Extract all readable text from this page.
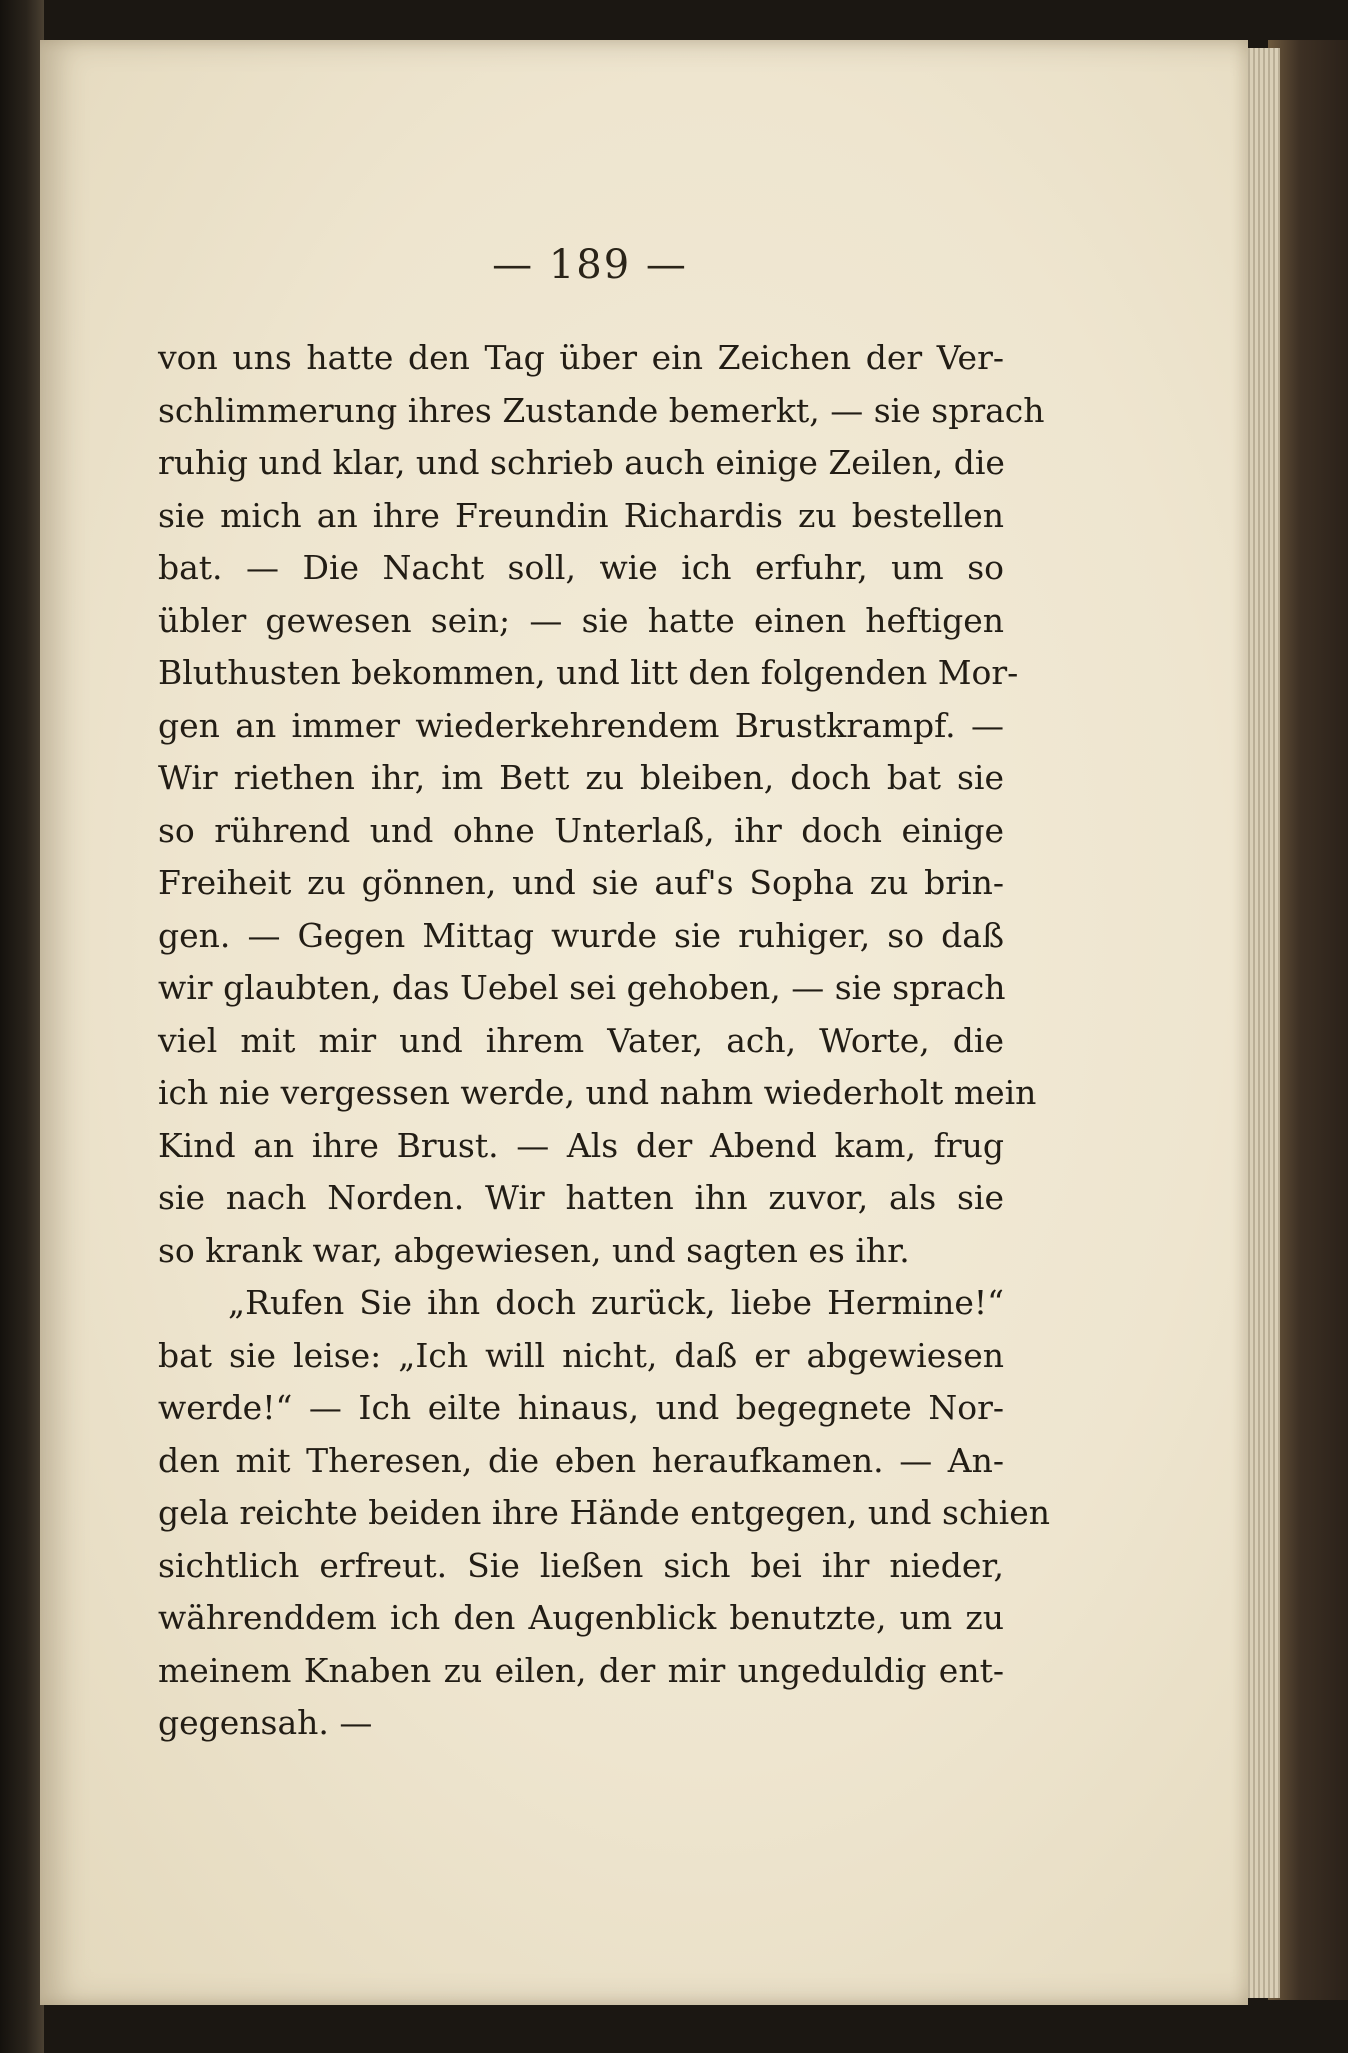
— 189 —
von uns hatte den Tag über ein Zeichen der Ver-
schlimmerung ihres Zustande bemerkt, — sie sprach
ruhig und klar, und schrieb auch einige Zeilen, die
sie mich an ihre Freundin Richardis zu bestellen
bat. — Die Nacht soll, wie ich erfuhr, um so
übler gewesen sein; — sie hatte einen heftigen
Bluthusten bekommen, und litt den folgenden Mor-
gen an immer wiederkehrendem Brustkrampf. —
Wir riethen ihr, im Bett zu bleiben, doch bat sie
so rührend und ohne Unterlaß, ihr doch einige
Freiheit zu gönnen, und sie auf's Sopha zu brin-
gen. — Gegen Mittag wurde sie ruhiger, so daß
wir glaubten, das Uebel sei gehoben, — sie sprach
viel mit mir und ihrem Vater, ach, Worte, die
ich nie vergessen werde, und nahm wiederholt mein
Kind an ihre Brust. — Als der Abend kam, frug
sie nach Norden. Wir hatten ihn zuvor, als sie
so krank war, abgewiesen, und sagten es ihr.
„Rufen Sie ihn doch zurück, liebe Hermine!“
bat sie leise: „Ich will nicht, daß er abgewiesen
werde!“ — Ich eilte hinaus, und begegnete Nor-
den mit Theresen, die eben heraufkamen. — An-
gela reichte beiden ihre Hände entgegen, und schien
sichtlich erfreut. Sie ließen sich bei ihr nieder,
währenddem ich den Augenblick benutzte, um zu
meinem Knaben zu eilen, der mir ungeduldig ent-
gegensah. —
